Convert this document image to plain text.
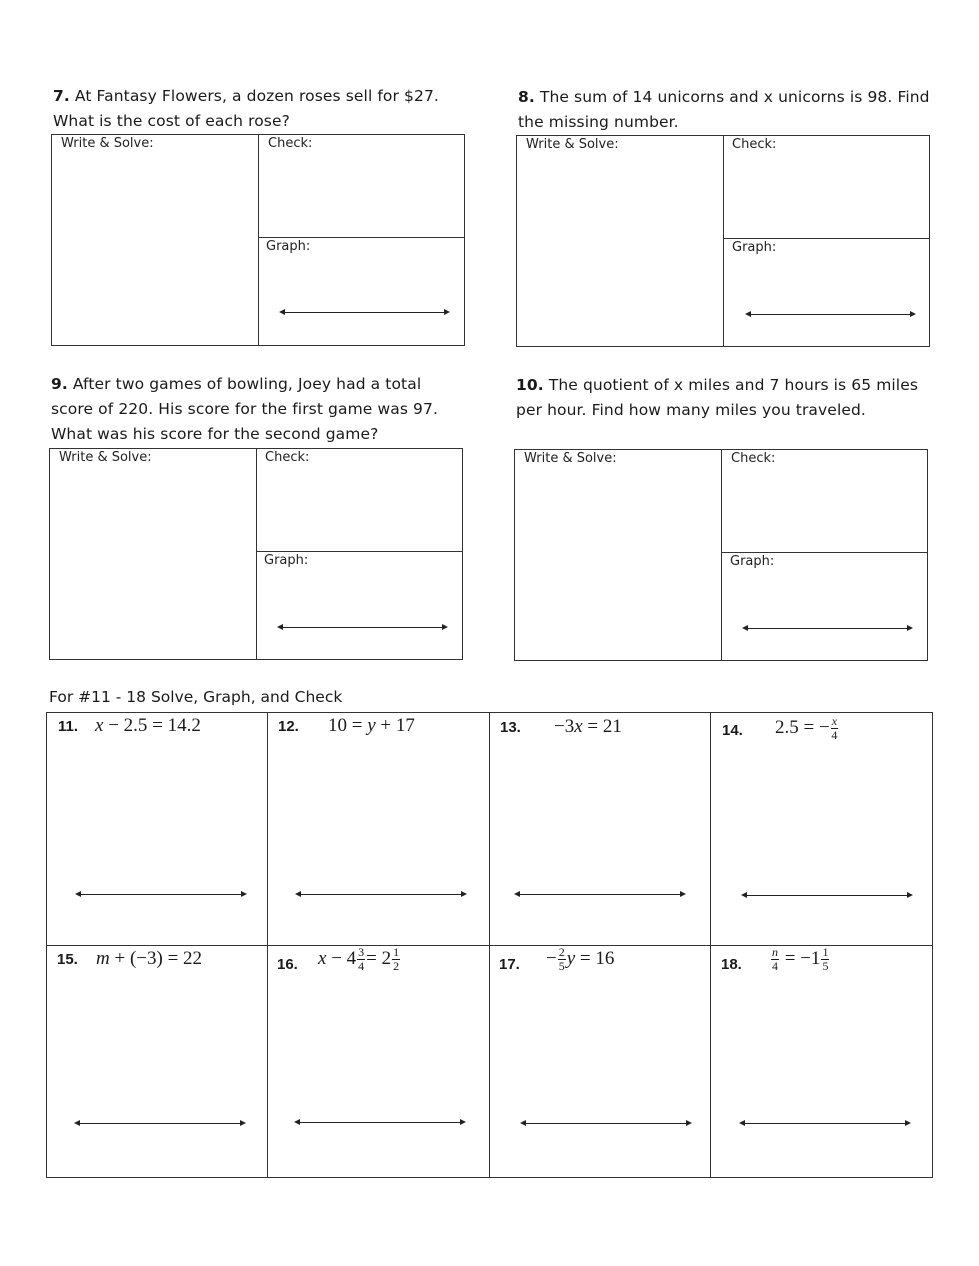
7. At Fantasy Flowers, a dozen roses sell for $27.
What is the cost of each rose?
Write & Solve:	Check:
Graph:
8. The sum of 14 unicorns and x unicorns is 98. Find
the missing number.
Write & Solve:	Check:
Graph:
9. After two games of bowling, Joey had a total
score of 220. His score for the first game was 97.
What was his score for the second game?
Write & Solve:	Check:
Graph:
10. The quotient of x miles and 7 hours is 65 miles
per hour. Find how many miles you traveled.
Write & Solve:	Check:
Graph:
For #11 - 18 Solve, Graph, and Check
11. x − 2.5 = 14.2	12. 10 = y + 17	13. −3x = 21	14. 2.5 = − $\frac{x}{4}$
15. m + (−3) = 22	16. $x - 4 \frac{3}{4} = 2 \frac{1}{2}$	17. − $\frac{2}{5}$ y = 16	18. $\frac{n}{4} = -1 \frac{1}{5}$
